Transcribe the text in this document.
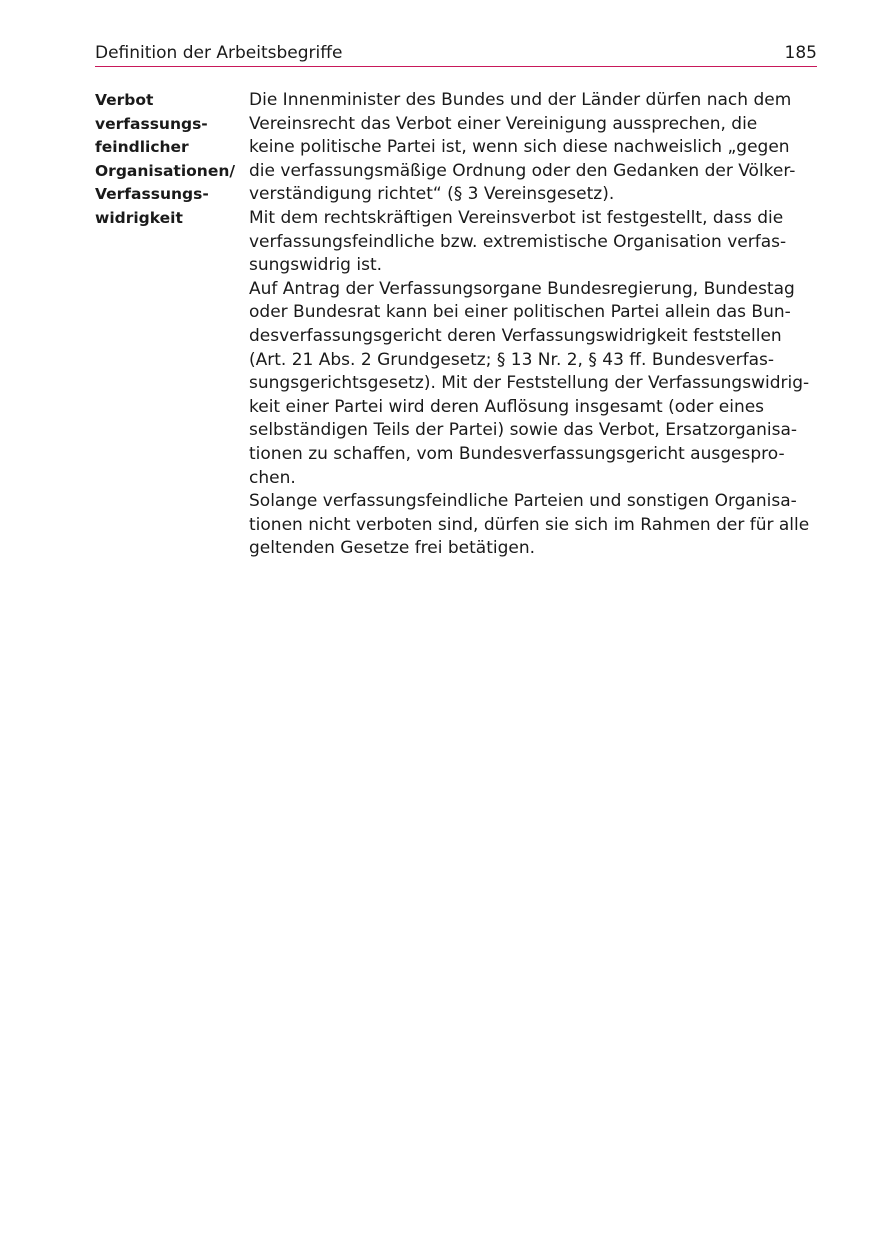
Definition der Arbeitsbegriffe	185
Verbot
verfassungs-
feindlicher
Organisationen/
Verfassungs-
widrigkeit
Die Innenminister des Bundes und der Länder dürfen nach dem
Vereinsrecht das Verbot einer Vereinigung aussprechen, die
keine politische Partei ist, wenn sich diese nachweislich „gegen
die verfassungsmäßige Ordnung oder den Gedanken der Völker-
verständigung richtet“ (§ 3 Vereinsgesetz).
Mit dem rechtskräftigen Vereinsverbot ist festgestellt, dass die
verfassungsfeindliche bzw. extremistische Organisation verfas-
sungswidrig ist.
Auf Antrag der Verfassungsorgane Bundesregierung, Bundestag
oder Bundesrat kann bei einer politischen Partei allein das Bun-
desverfassungsgericht deren Verfassungswidrigkeit feststellen
(Art. 21 Abs. 2 Grundgesetz; § 13 Nr. 2, § 43 ff. Bundesverfas-
sungsgerichtsgesetz). Mit der Feststellung der Verfassungswidrig-
keit einer Partei wird deren Auflösung insgesamt (oder eines
selbständigen Teils der Partei) sowie das Verbot, Ersatzorganisa-
tionen zu schaffen, vom Bundesverfassungsgericht ausgespro-
chen.
Solange verfassungsfeindliche Parteien und sonstigen Organisa-
tionen nicht verboten sind, dürfen sie sich im Rahmen der für alle
geltenden Gesetze frei betätigen.
